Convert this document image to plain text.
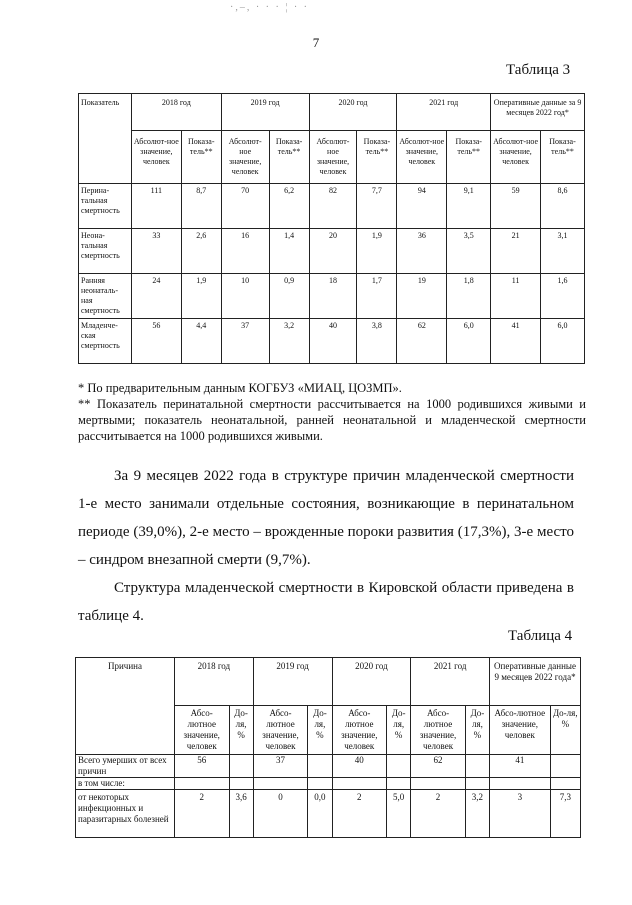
·,–, · · · ¦ · ·
7
Таблица 3
Показатель	2018 год		2019 год		2020 год		2021 год		Оперативные данные за 9 месяцев 2022 год*	
	Абсолют-ное значение, человек	Показа-тель**	Абсолют-ное значение, человек	Показа-тель**	Абсолют-ное значение, человек	Показа-тель**	Абсолют-ное значение, человек	Показа-тель**	Абсолют-ное значение, человек	Показа-тель**
Перина-тальная смертность	111	8,7	70	6,2	82	7,7	94	9,1	59	8,6
Неона-тальная смертность	33	2,6	16	1,4	20	1,9	36	3,5	21	3,1
Ранняя неонаталь-ная смертность	24	1,9	10	0,9	18	1,7	19	1,8	11	1,6
Младенче-ская смертность	56	4,4	37	3,2	40	3,8	62	6,0	41	6,0
* По предварительным данным КОГБУЗ «МИАЦ, ЦОЗМП».
** Показатель перинатальной смертности рассчитывается на 1000 родившихся живыми и мертвыми; показатель неонатальной, ранней неонатальной и младенческой смертности рассчитывается на 1000 родившихся живыми.
За 9 месяцев 2022 года в структуре причин младенческой смертности 1-е место занимали отдельные состояния, возникающие в перинатальном периоде (39,0%), 2-е место – врожденные пороки развития (17,3%), 3-е место – синдром внезапной смерти (9,7%).
Структура младенческой смертности в Кировской области приведена в таблице 4.
Таблица 4
Причина	2018 год		2019 год		2020 год		2021 год		Оперативные данные 9 месяцев 2022 года*	
	Абсо-лютное значение, человек	До-ля, %	Абсо-лютное значение, человек	До-ля, %	Абсо-лютное значение, человек	До-ля, %	Абсо-лютное значение, человек	До-ля, %	Абсо-лютное значение, человек	До-ля, %
Всего умерших от всех причин	56		37		40		62		41	
в том числе:										
от некоторых инфекционных и паразитарных болезней	2	3,6	0	0,0	2	5,0	2	3,2	3	7,3
